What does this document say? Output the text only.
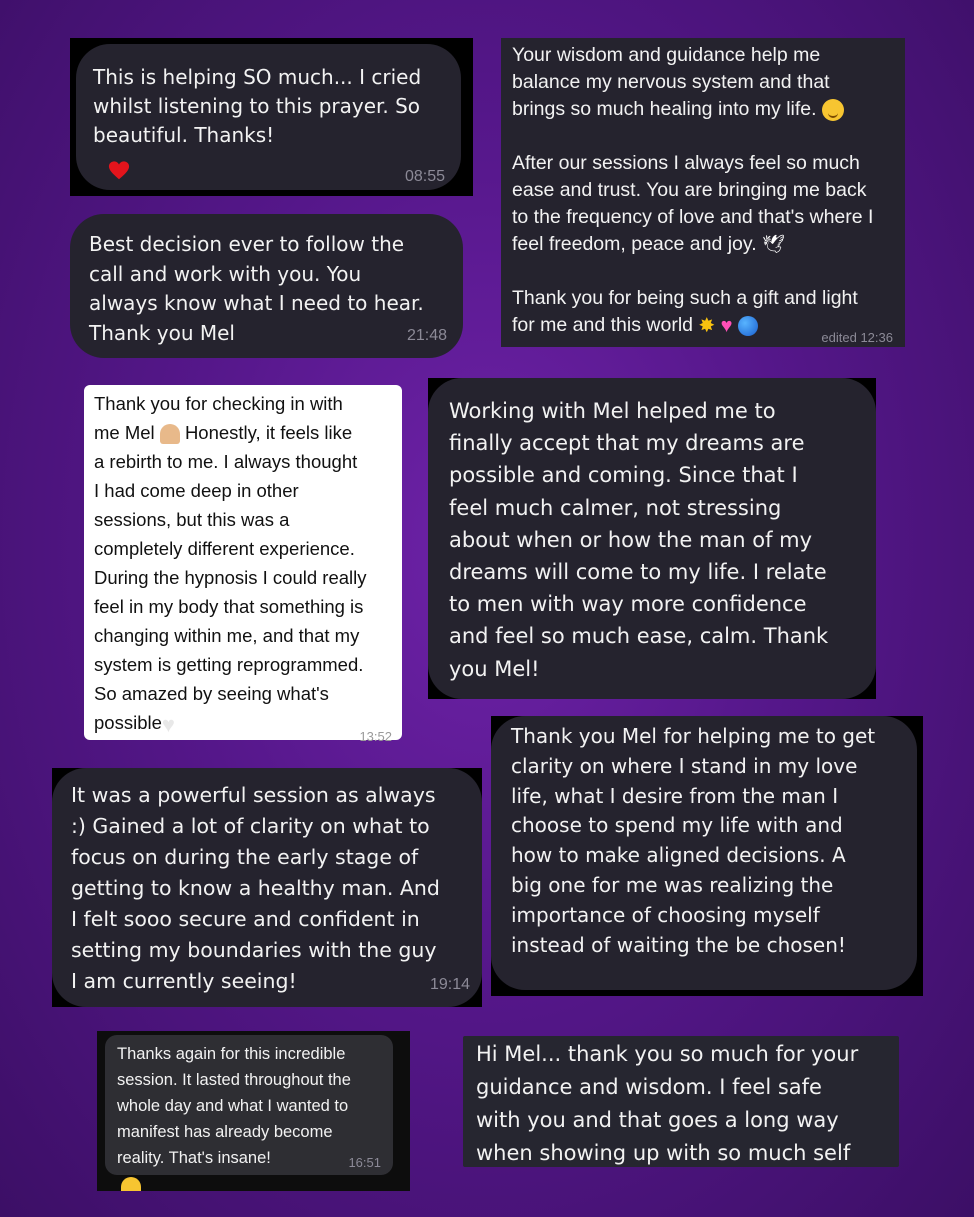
This is helping SO much... I cried
whilst listening to this prayer. So
beautiful. Thanks!
08:55
Best decision ever to follow the
call and work with you. You
always know what I need to hear.
Thank you Mel	21:48
Your wisdom and guidance help me
balance my nervous system and that
brings so much healing into my life.
After our sessions I always feel so much
ease and trust. You are bringing me back
to the frequency of love and that's where I
feel freedom, peace and joy. 🕊
Thank you for being such a gift and light
for me and this world ✸ ♥
edited 12:36
Thank you for checking in with
me Mel Honestly, it feels like
a rebirth to me. I always thought
I had come deep in other
sessions, but this was a
completely different experience.
During the hypnosis I could really
feel in my body that something is
changing within me, and that my
system is getting reprogrammed.
So amazed by seeing what's
possible♥	13:52
Working with Mel helped me to
finally accept that my dreams are
possible and coming. Since that I
feel much calmer, not stressing
about when or how the man of my
dreams will come to my life. I relate
to men with way more confidence
and feel so much ease, calm. Thank
you Mel!
It was a powerful session as always
:) Gained a lot of clarity on what to
focus on during the early stage of
getting to know a healthy man. And
I felt sooo secure and confident in
setting my boundaries with the guy
I am currently seeing!	19:14
Thank you Mel for helping me to get
clarity on where I stand in my love
life, what I desire from the man I
choose to spend my life with and
how to make aligned decisions. A
big one for me was realizing the
importance of choosing myself
instead of waiting the be chosen!
Thanks again for this incredible
session. It lasted throughout the
whole day and what I wanted to
manifest has already become
reality. That's insane!	16:51
Hi Mel... thank you so much for your
guidance and wisdom. I feel safe
with you and that goes a long way
when showing up with so much self
